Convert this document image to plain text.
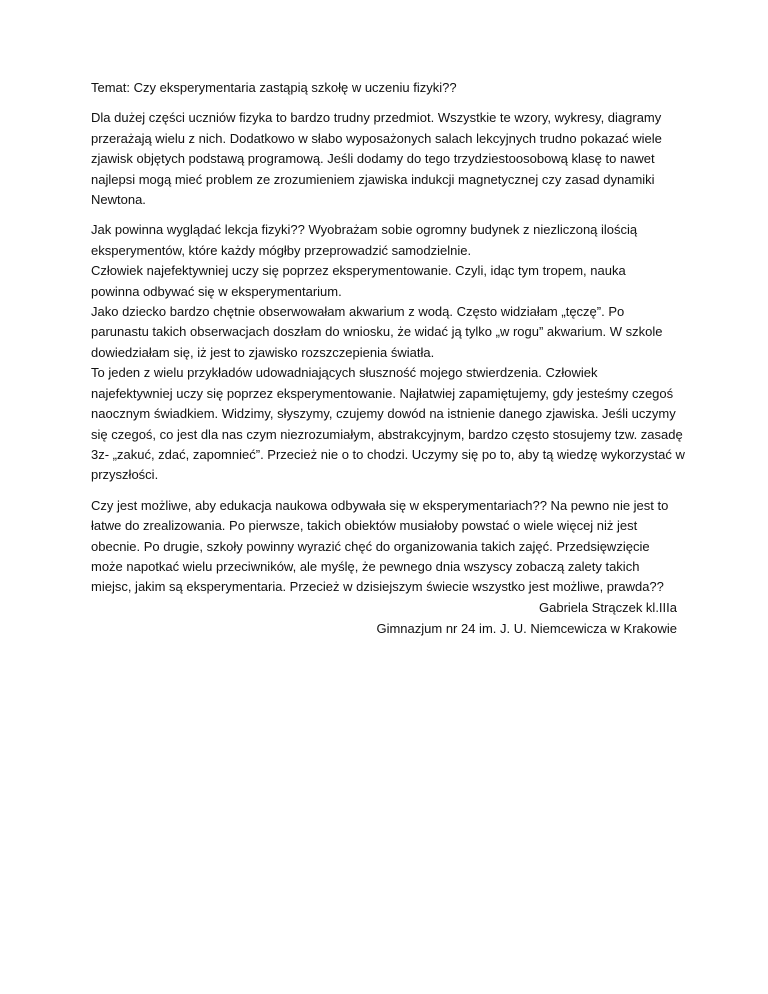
Temat: Czy eksperymentaria zastąpią szkołę w uczeniu fizyki??

Dla dużej części uczniów fizyka to bardzo trudny przedmiot. Wszystkie te wzory, wykresy, diagramy
przerażają wielu z nich. Dodatkowo w słabo wyposażonych salach lekcyjnych trudno pokazać wiele
zjawisk objętych podstawą programową. Jeśli dodamy do tego trzydziestoosobową klasę to nawet
najlepsi mogą mieć problem ze zrozumieniem zjawiska indukcji magnetycznej czy zasad dynamiki
Newtona.

Jak powinna wyglądać lekcja fizyki?? Wyobrażam sobie ogromny budynek z niezliczoną ilością
eksperymentów, które każdy mógłby przeprowadzić samodzielnie.
Człowiek najefektywniej uczy się poprzez eksperymentowanie. Czyli, idąc tym tropem, nauka
powinna odbywać się w eksperymentarium.
Jako dziecko bardzo chętnie obserwowałam akwarium z wodą. Często widziałam „tęczę”. Po
parunastu takich obserwacjach doszłam do wniosku, że widać ją tylko „w rogu” akwarium. W szkole
dowiedziałam się, iż jest to zjawisko rozszczepienia światła.
To jeden z wielu przykładów udowadniających słuszność mojego stwierdzenia. Człowiek
najefektywniej uczy się poprzez eksperymentowanie. Najłatwiej zapamiętujemy, gdy jesteśmy czegoś
naocznym świadkiem. Widzimy, słyszymy, czujemy dowód na istnienie danego zjawiska. Jeśli uczymy
się czegoś, co jest dla nas czym niezrozumiałym, abstrakcyjnym, bardzo często stosujemy tzw. zasadę
3z- „zakuć, zdać, zapomnieć”. Przecież nie o to chodzi. Uczymy się po to, aby tą wiedzę wykorzystać w
przyszłości.

Czy jest możliwe, aby edukacja naukowa odbywała się w eksperymentariach?? Na pewno nie jest to
łatwe do zrealizowania. Po pierwsze, takich obiektów musiałoby powstać o wiele więcej niż jest
obecnie. Po drugie, szkoły powinny wyrazić chęć do organizowania takich zajęć. Przedsięwzięcie
może napotkać wielu przeciwników, ale myślę, że pewnego dnia wszyscy zobaczą zalety takich
miejsc, jakim są eksperymentaria. Przecież w dzisiejszym świecie wszystko jest możliwe, prawda??

Gabriela Strączek kl.IIIa
Gimnazjum nr 24 im. J. U. Niemcewicza w Krakowie
